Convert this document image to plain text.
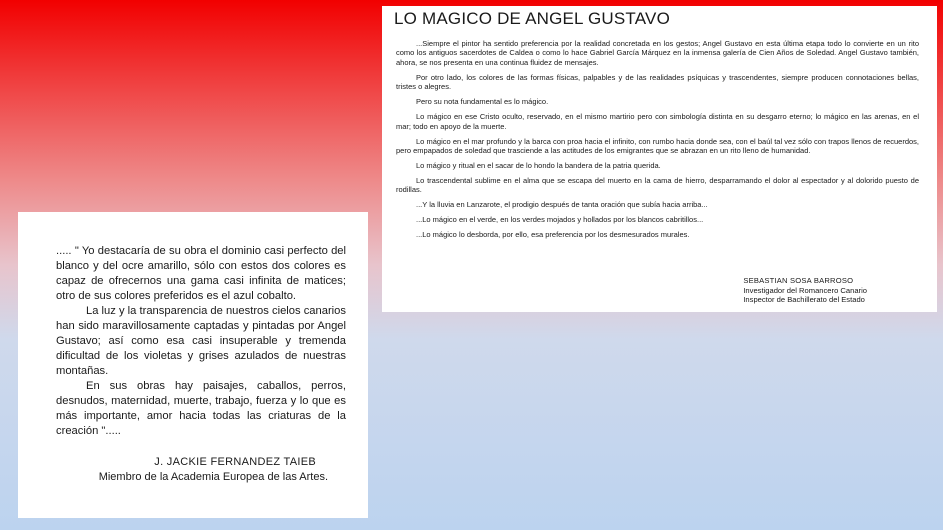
..... " Yo destacaría de su obra el dominio casi perfecto del blanco y del ocre amarillo, sólo con estos dos colores es capaz de ofrecernos una gama casi infinita de matices; otro de sus colores preferidos es el azul cobalto.

La luz y la transparencia de nuestros cielos canarios han sido maravillosamente captadas y pintadas por Angel Gustavo; así como esa casi insuperable y tremenda dificultad de los violetas y grises azulados de nuestras montañas.

En sus obras hay paisajes, caballos, perros, desnudos, maternidad, muerte, trabajo, fuerza y lo que es más importante, amor hacia todas las criaturas de la creación ".....

J. JACKIE FERNANDEZ TAIEB
Miembro de la Academia Europea de las Artes.
LO MAGICO DE ANGEL GUSTAVO

...Siempre el pintor ha sentido preferencia por la realidad concretada en los gestos; Angel Gustavo en esta última etapa todo lo convierte en un rito como los antiguos sacerdotes de Caldea o como lo hace Gabriel García Márquez en la inmensa galería de Cien Años de Soledad. Angel Gustavo también, ahora, se nos presenta en una continua fluidez de mensajes.

Por otro lado, los colores de las formas físicas, palpables y de las realidades psíquicas y trascendentes, siempre producen connotaciones bellas, tristes o alegres.

Pero su nota fundamental es lo mágico.

Lo mágico en ese Cristo oculto, reservado, en el mismo martirio pero con simbología distinta en su desgarro eterno; lo mágico en las arenas, en el mar; todo en apoyo de la muerte.

Lo mágico en el mar profundo y la barca con proa hacia el infinito, con rumbo hacia donde sea, con el baúl tal vez sólo con trapos llenos de recuerdos, pero empapados de soledad que trasciende a las actitudes de los emigrantes que se abrazan en un rito lleno de humanidad.

Lo mágico y ritual en el sacar de lo hondo la bandera de la patria querida.

Lo trascendental sublime en el alma que se escapa del muerto en la cama de hierro, desparramando el dolor al espectador y al dolorido puesto de rodillas.

...Y la lluvia en Lanzarote, el prodigio después de tanta oración que subía hacia arriba...

...Lo mágico en el verde, en los verdes mojados y hollados por los blancos cabritillos...

...Lo mágico lo desborda, por ello, esa preferencia por los desmesurados murales.

SEBASTIAN SOSA BARROSO
Investigador del Romancero Canario
Inspector de Bachillerato del Estado
